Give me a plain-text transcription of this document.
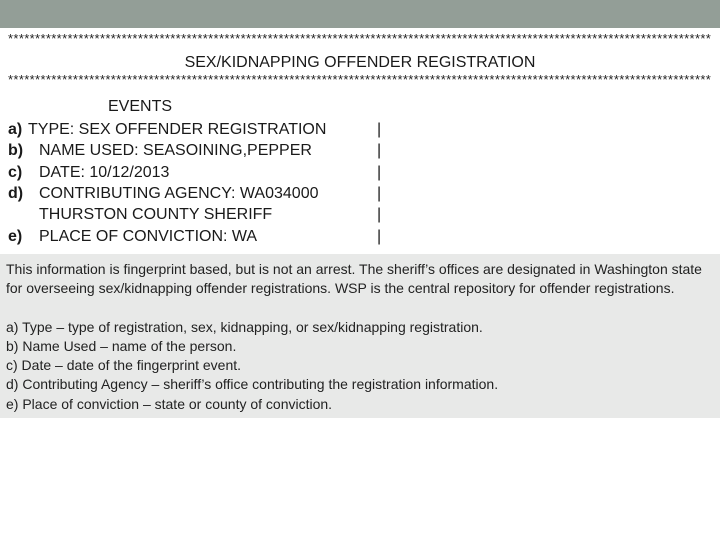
**********************************************************************************************************************************
SEX/KIDNAPPING OFFENDER REGISTRATION
**********************************************************************************************************************************
EVENTS
a) TYPE: SEX OFFENDER REGISTRATION	|
b) NAME USED: SEASOINING,PEPPER	|
c) DATE: 10/12/2013	|
d) CONTRIBUTING AGENCY: WA034000	|
THURSTON COUNTY SHERIFF	|
e) PLACE OF CONVICTION: WA	|

This information is fingerprint based, but is not an arrest. The sheriff’s offices are designated in Washington state for overseeing sex/kidnapping offender registrations. WSP is the central repository for offender registrations.

a) Type – type of registration, sex, kidnapping, or sex/kidnapping registration.

b) Name Used – name of the person.

c) Date – date of the fingerprint event.

d) Contributing Agency – sheriff’s office contributing the registration information.

e) Place of conviction – state or county of conviction.
